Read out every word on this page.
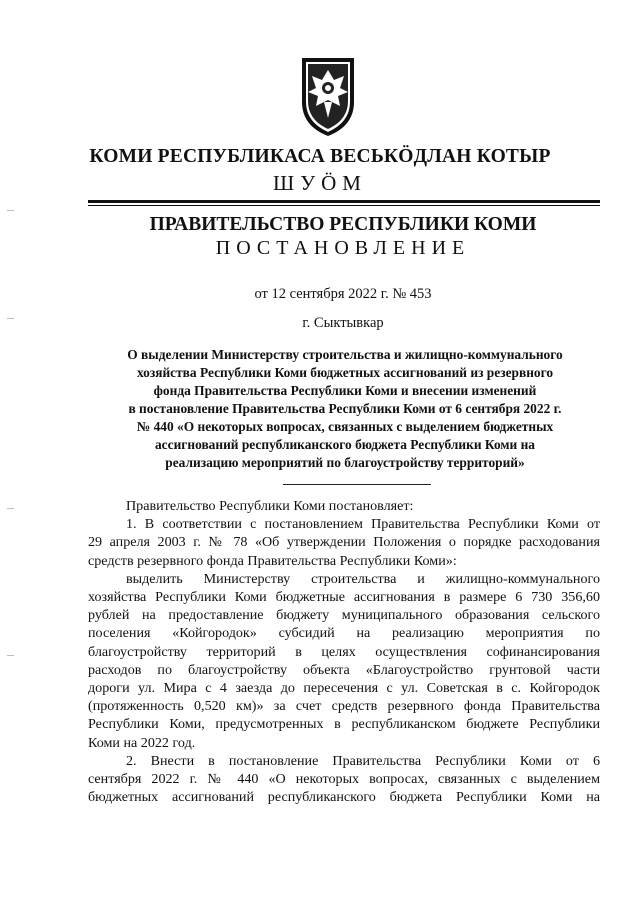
КОМИ РЕСПУБЛИКАСА ВЕСЬКӦДЛАН КОТЫР
ШУӦМ
ПРАВИТЕЛЬСТВО РЕСПУБЛИКИ КОМИ
ПОСТАНОВЛЕНИЕ
от 12 сентября 2022 г. № 453
г. Сыктывкар
О выделении Министерству строительства и жилищно-коммунального
хозяйства Республики Коми бюджетных ассигнований из резервного
фонда Правительства Республики Коми и внесении изменений
в постановление Правительства Республики Коми от 6 сентября 2022 г.
№ 440 «О некоторых вопросах, связанных с выделением бюджетных
ассигнований республиканского бюджета Республики Коми на
реализацию мероприятий по благоустройству территорий»
Правительство Республики Коми постановляет:
1. В соответствии с постановлением Правительства Республики Коми от
29 апреля 2003 г. № 78 «Об утверждении Положения о порядке расходования
средств резервного фонда Правительства Республики Коми»:
выделить Министерству строительства и жилищно-коммунального
хозяйства Республики Коми бюджетные ассигнования в размере 6 730 356,60
рублей на предоставление бюджету муниципального образования сельского
поселения «Койгородок» субсидий на реализацию мероприятия по
благоустройству территорий в целях осуществления софинансирования
расходов по благоустройству объекта «Благоустройство грунтовой части
дороги ул. Мира с 4 заезда до пересечения с ул. Советская в с. Койгородок
(протяженность 0,520 км)» за счет средств резервного фонда Правительства
Республики Коми, предусмотренных в республиканском бюджете Республики
Коми на 2022 год.
2. Внести в постановление Правительства Республики Коми от 6
сентября 2022 г. № 440 «О некоторых вопросах, связанных с выделением
бюджетных ассигнований республиканского бюджета Республики Коми на
